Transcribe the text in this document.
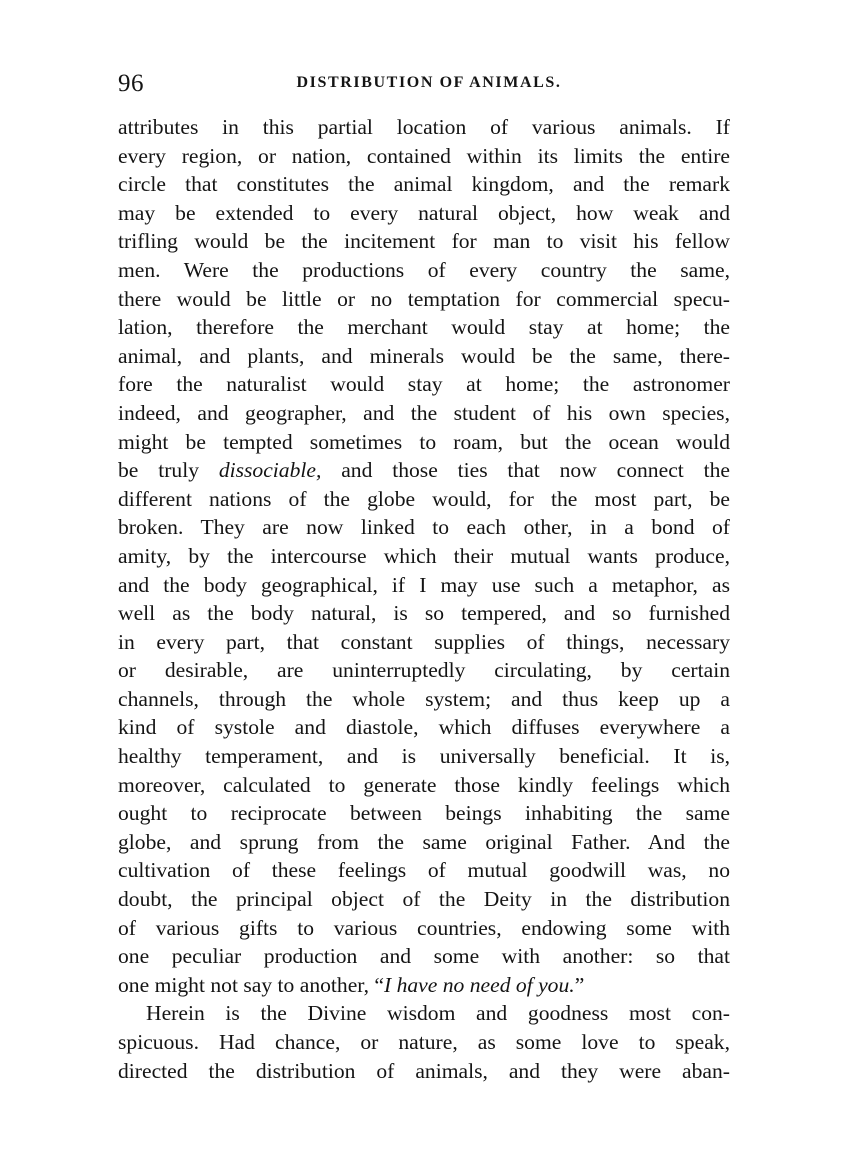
96	DISTRIBUTION OF ANIMALS.
attributes in this partial location of various animals. If
every region, or nation, contained within its limits the entire
circle that constitutes the animal kingdom, and the remark
may be extended to every natural object, how weak and
trifling would be the incitement for man to visit his fellow
men. Were the productions of every country the same,
there would be little or no temptation for commercial specu-
lation, therefore the merchant would stay at home; the
animal, and plants, and minerals would be the same, there-
fore the naturalist would stay at home; the astronomer
indeed, and geographer, and the student of his own species,
might be tempted sometimes to roam, but the ocean would
be truly dissociable, and those ties that now connect the
different nations of the globe would, for the most part, be
broken. They are now linked to each other, in a bond of
amity, by the intercourse which their mutual wants produce,
and the body geographical, if I may use such a metaphor, as
well as the body natural, is so tempered, and so furnished
in every part, that constant supplies of things, necessary
or desirable, are uninterruptedly circulating, by certain
channels, through the whole system; and thus keep up a
kind of systole and diastole, which diffuses everywhere a
healthy temperament, and is universally beneficial. It is,
moreover, calculated to generate those kindly feelings which
ought to reciprocate between beings inhabiting the same
globe, and sprung from the same original Father. And the
cultivation of these feelings of mutual goodwill was, no
doubt, the principal object of the Deity in the distribution
of various gifts to various countries, endowing some with
one peculiar production and some with another: so that
one might not say to another, “I have no need of you.”
Herein is the Divine wisdom and goodness most con-
spicuous. Had chance, or nature, as some love to speak,
directed the distribution of animals, and they were aban-
